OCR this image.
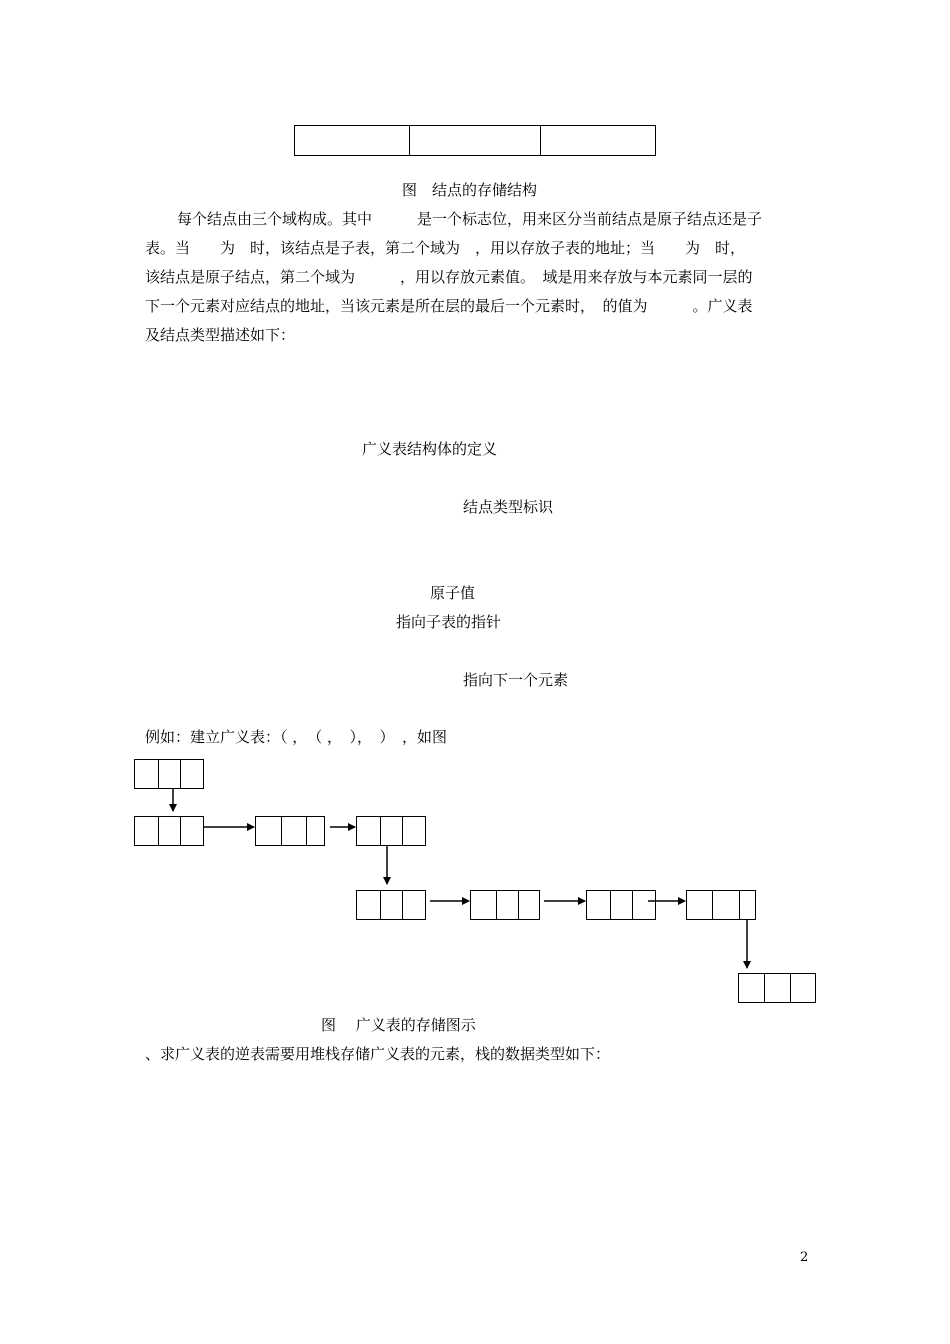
图　结点的存储结构

每个结点由三个域构成。其中　　　是一个标志位，用来区分当前结点是原子结点还是子

表。当　　为　时，该结点是子表，第二个域为　，用以存放子表的地址；当　　为　时，

该结点是原子结点，第二个域为　　　，用以存放元素值。　域是用来存放与本元素同一层的

下一个元素对应结点的地址，当该元素是所在层的最后一个元素时，　的值为　　　。广义表

及结点类型描述如下：

广义表结构体的定义

结点类型标识

原子值

指向子表的指针

指向下一个元素

例如：建立广义表：（ ，　（ ，　），　）　，如图

图　 广义表的存储图示

、求广义表的逆表需要用堆栈存储广义表的元素，栈的数据类型如下：

2
